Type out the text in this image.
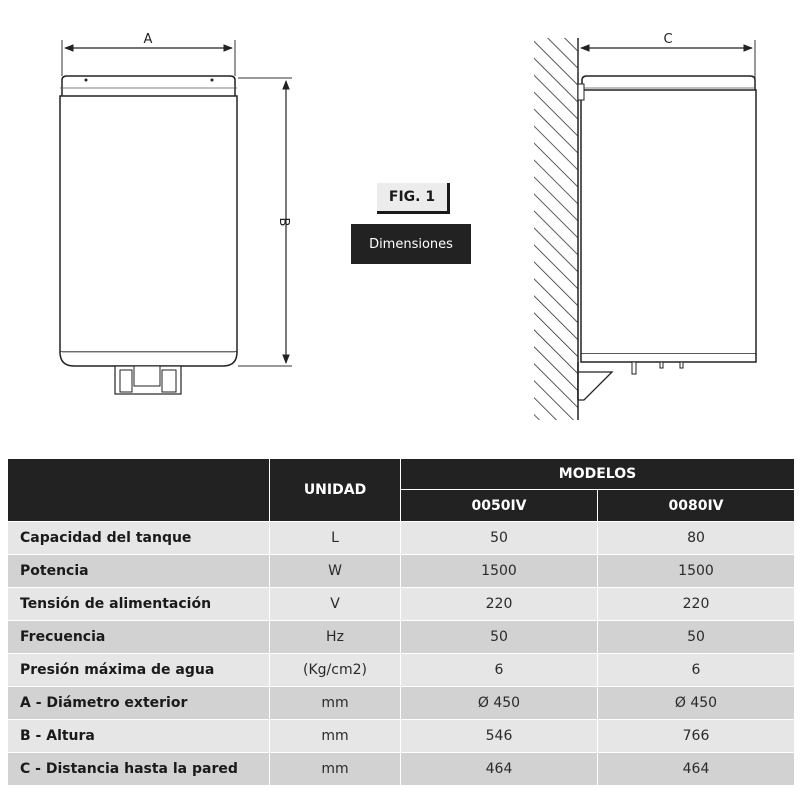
A
B
C
FIG. 1
Dimensiones
	UNIDAD	MODELOS	
		0050IV	0080IV
Capacidad del tanque	L	50	80
Potencia	W	1500	1500
Tensión de alimentación	V	220	220
Frecuencia	Hz	50	50
Presión máxima de agua	(Kg/cm2)	6	6
A - Diámetro exterior	mm	Ø 450	Ø 450
B - Altura	mm	546	766
C - Distancia hasta la pared	mm	464	464
